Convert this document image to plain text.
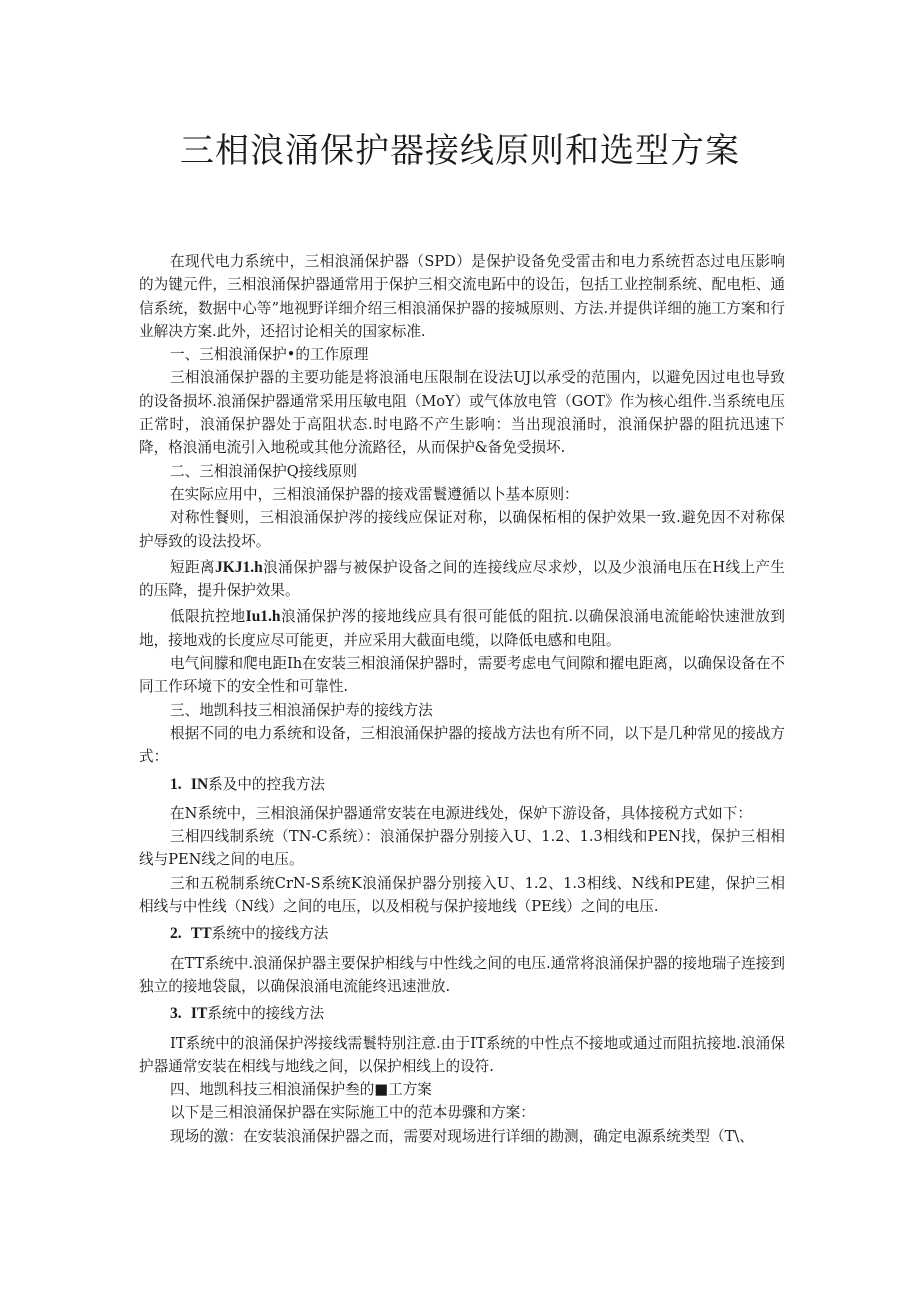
三相浪涌保护器接线原则和选型方案

在现代电力系统中，三相浪涌保护器（SPD）是保护设备免受雷击和电力系统哲态过电压影响的为键元件，三相浪涌保护器通常用于保护三相交流电跖中的设缶，包括工业控制系统、配电柜、通信系统，数据中心等”地视野详细介绍三相浪涌保护器的接城原则、方法.并提供详细的施工方案和行业解决方案.此外，还招讨论相关的国家标准.

一、三相浪涌保护•的工作原理

三相浪涌保护器的主要功能是将浪涌电压限制在设法UJ以承受的范围内，以避免因过电也导致的设备损坏.浪涌保护器通常采用压敏电阻（MoY）或气体放电管（GOT》作为核心组件.当系统电压正常时，浪涌保护器处于高阻状态.时电路不产生影响：当出现浪涌时，浪涌保护器的阻抗迅速下降，格浪涌电流引入地税或其他分流路径，从而保护&备免受损坏.

二、三相浪涌保护Q接线原则

在实际应用中，三相浪涌保护器的接戏雷鬟遵循以卜基本原则：

对称性餐则，三相浪涌保护涔的接线应保证对称，以确保柘相的保护效果一致.避免因不对称保护辱致的设法投坏。

短距离JKJ1.h浪涌保护器与被保护设备之间的连接线应尽求炒，以及少浪涌电压在H线上产生的压降，提升保护效果。

低限抗控地Iu1.h浪涌保护涔的接地线应具有很可能低的阻抗.以确保浪涌电流能峪快速泄放到地，接地戏的长度应尽可能更，并应采用大截面电缆，以降低电感和电阻。

电气间朦和爬电距Ih在安装三相浪涌保护器时，需要考虑电气间隙和擢电距离，以确保设备在不同工作环境下的安全性和可靠性.

三、地凯科技三相浪涌保护寿的接线方法

根据不同的电力系统和设备，三相浪涌保护器的接战方法也有所不同，以下是几种常见的接战方式：

1. IN系及中的控我方法

在N系统中，三相浪涌保护器通常安装在电源进线处，保妒下游设备，具体接税方式如下：

三相四线制系统（TN-C系统）：浪涌保护器分别接入U、1.2、1.3相线和PEN找，保护三相相线与PEN线之间的电压。

三和五税制系统CrN-S系统K浪涌保护器分别接入U、1.2、1.3相线、N线和PE建，保护三相相线与中性线（N线）之间的电压，以及相税与保护接地线（PE线）之间的电压.

2. TT系统中的接线方法

在TT系统中.浪涌保护器主要保护相线与中性线之间的电压.通常将浪涌保护器的接地瑞子连接到独立的接地袋鼠，以确保浪涌电流能终迅速泄放.

3. IT系统中的接线方法

IT系统中的浪涌保护涔接线需鬟特别注意.由于IT系统的中性点不接地或通过而阻抗接地.浪涌保护器通常安装在相线与地线之间，以保护相线上的设符.

四、地凯科技三相浪涌保护叁的■工方案

以下是三相浪涌保护器在实际施工中的范本毋骤和方案：

现场的激：在安装浪涌保护器之而，需要对现场进行详细的勘测，确定电源系统类型（T\、
